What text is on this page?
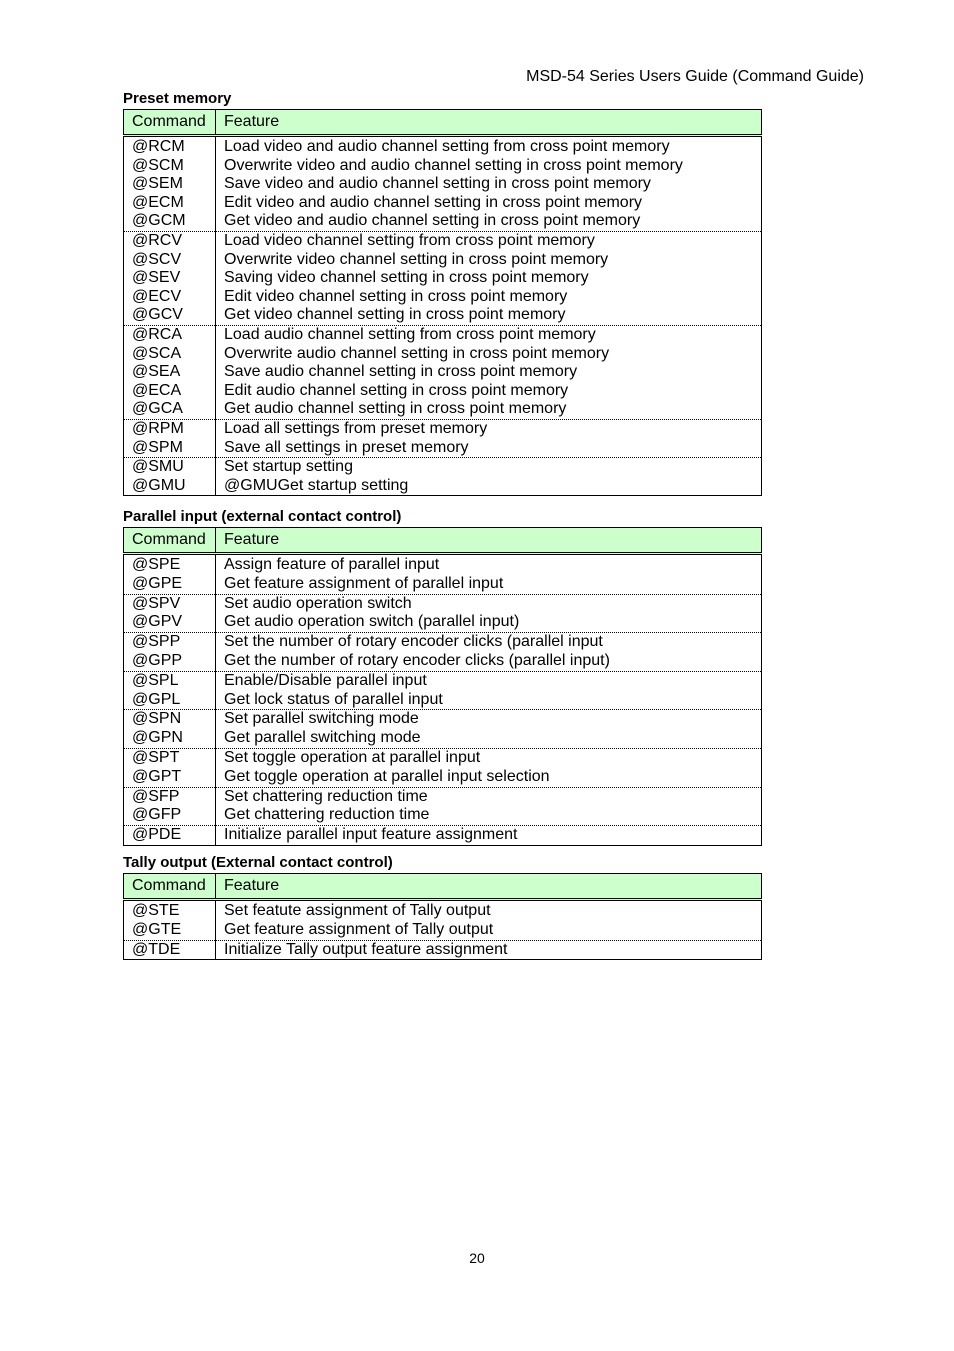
MSD-54 Series Users Guide (Command Guide)
Preset memory
Command	Feature
@RCM	Load video and audio channel setting from cross point memory
@SCM	Overwrite video and audio channel setting in cross point memory
@SEM	Save video and audio channel setting in cross point memory
@ECM	Edit video and audio channel setting in cross point memory
@GCM	Get video and audio channel setting in cross point memory
@RCV	Load video channel setting from cross point memory
@SCV	Overwrite video channel setting in cross point memory
@SEV	Saving video channel setting in cross point memory
@ECV	Edit video channel setting in cross point memory
@GCV	Get video channel setting in cross point memory
@RCA	Load audio channel setting from cross point memory
@SCA	Overwrite audio channel setting in cross point memory
@SEA	Save audio channel setting in cross point memory
@ECA	Edit audio channel setting in cross point memory
@GCA	Get audio channel setting in cross point memory
@RPM	Load all settings from preset memory
@SPM	Save all settings in preset memory
@SMU	Set startup setting
@GMU	@GMUGet startup setting
Parallel input (external contact control)
Command	Feature
@SPE	Assign feature of parallel input
@GPE	Get feature assignment of parallel input
@SPV	Set audio operation switch
@GPV	Get audio operation switch (parallel input)
@SPP	Set the number of rotary encoder clicks (parallel input
@GPP	Get the number of rotary encoder clicks (parallel input)
@SPL	Enable/Disable parallel input
@GPL	Get lock status of parallel input
@SPN	Set parallel switching mode
@GPN	Get parallel switching mode
@SPT	Set toggle operation at parallel input
@GPT	Get toggle operation at parallel input selection
@SFP	Set chattering reduction time
@GFP	Get chattering reduction time
@PDE	Initialize parallel input feature assignment
Tally output (External contact control)
Command	Feature
@STE	Set featute assignment of Tally output
@GTE	Get feature assignment of Tally output
@TDE	Initialize Tally output feature assignment
20
